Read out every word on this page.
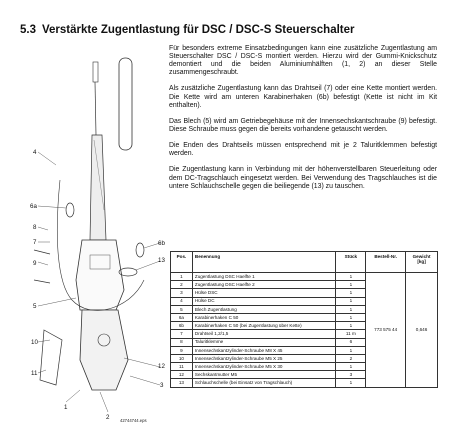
5.3 Verstärkte Zugentlastung für DSC / DSC-S Steuerschalter

Für besonders extreme Einsatzbedingungen kann eine zusätzliche Zugentlastung am Steuerschalter DSC / DSC-S montiert werden. Hierzu wird der Gummi-Knickschutz demontiert und die beiden Aluminiumhälften (1, 2) an dieser Stelle zusammengeschraubt.

Als zusätzliche Zugentlastung kann das Drahtseil (7) oder eine Kette montiert werden. Die Kette wird am unteren Karabinerhaken (6b) befestigt (Kette ist nicht im Kit enthalten).

Das Blech (5) wird am Getriebegehäuse mit der Innensechskantschraube (9) befestigt. Diese Schraube muss gegen die bereits vorhandene getauscht werden.

Die Enden des Drahtseils müssen entsprechend mit je 2 Taluritklemmen befestigt werden.

Die Zugentlastung kann in Verbindung mit der höhenverstellbaren Steuerleitung oder dem DC-Tragschlauch eingesetzt werden. Bei Verwendung des Tragschlauches ist die untere Schlauchschelle gegen die beiliegende (13) zu tauschen.

4
6a
8
7
9
6b
13
5
10
11
12
3
1
2	42744744.eps
Pos.	Benennung	Stück	Bestell-Nr.	Gewicht
[kg]
1	Zugentlastung DSC Haelfte 1	1	773 575 44	0,646
2	Zugentlastung DSC Haelfte 2	1		
3	Hülse DSC	1		
4	Hülse DC	1		
5	Blech Zugentlastung	1		
6a	Karabinerhaken C 50	1		
6b	Karabinerhaken C 50 (bei Zugentlastung über Kette)	1		
7	Drahtseil 1,2/1,5	11 m		
8	Taluritklemme	6		
9	Innensechskantzylinder-Schraube M8 X 45	1		
10	Innensechskantzylinder-Schraube M5 X 25	2		
11	Innensechskantzylinder-Schraube M5 X 30	1		
12	Sechskantmutter M5	3		
13	Schlauchschelle (bei Einsatz von Tragschlauch)	1		
